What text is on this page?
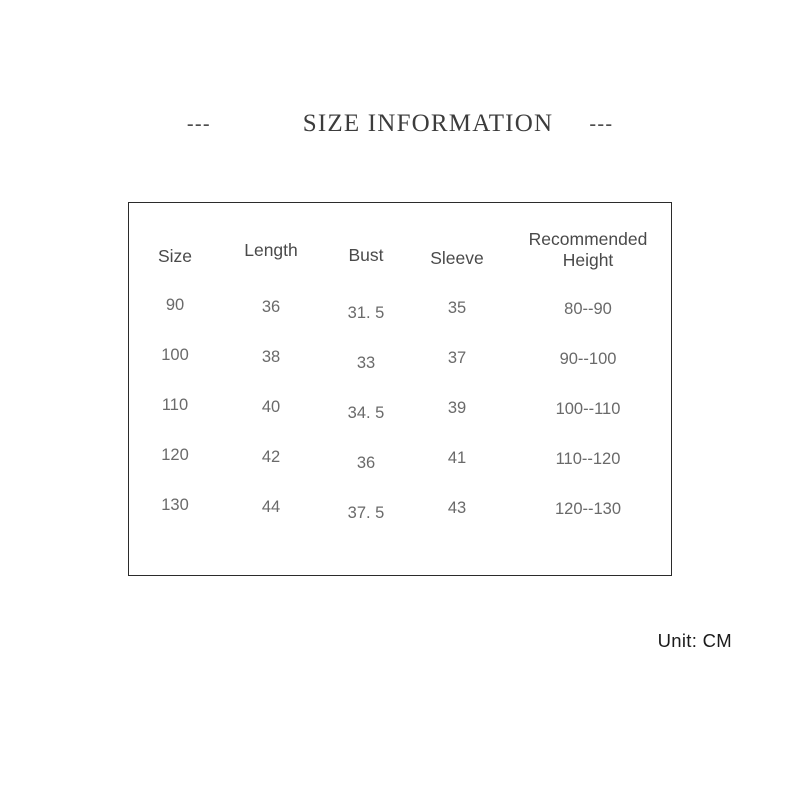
---	SIZE INFORMATION ---
Size	Length	Bust	Sleeve	Recommended
Height

90	36	31. 5	35	80--90
100	38	33	37	90--100
110	40	34. 5	39	100--110
120	42	36	41	110--120
130	44	37. 5	43	120--130
Unit: CM
